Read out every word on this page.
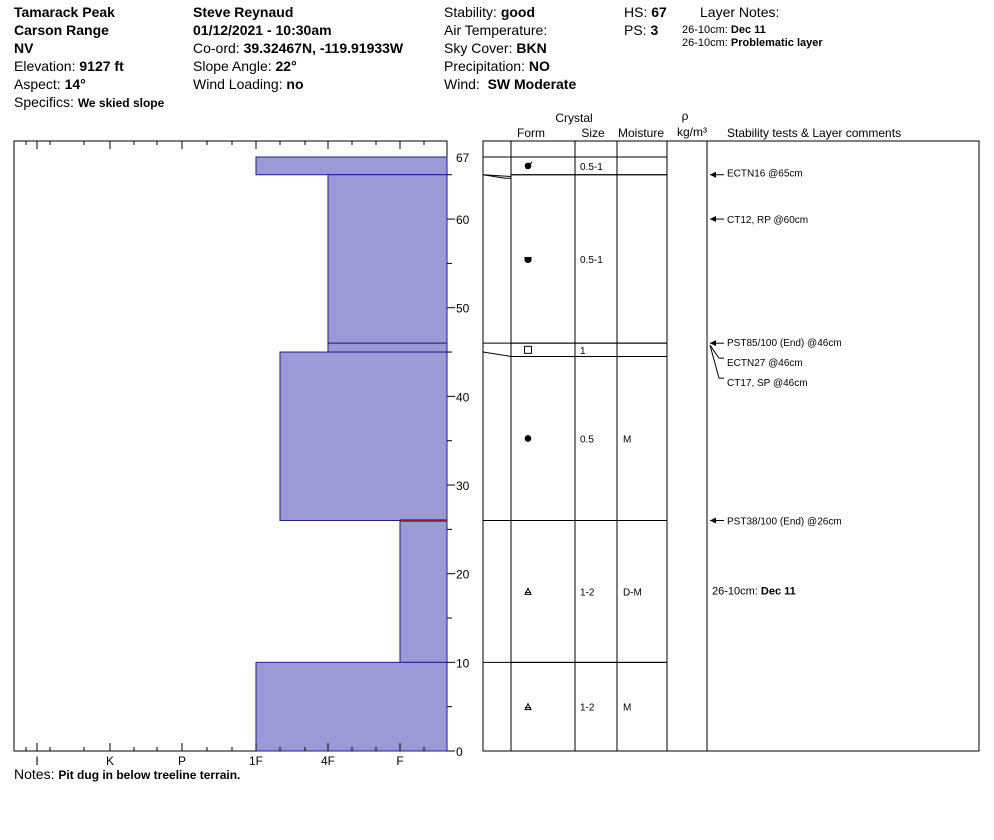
Tamarack Peak
Carson Range
NV
Elevation: 9127 ft
Aspect: 14°
Specifics: We skied slope
Steve Reynaud
01/12/2021 - 10:30am
Co-ord: 39.32467N, -119.91933W
Slope Angle: 22°
Wind Loading: no
Stability: good
Air Temperature:
Sky Cover: BKN
Precipitation: NO
Wind: SW Moderate
HS: 67
PS: 3
Layer Notes:
26-10cm: Dec 11
26-10cm: Problematic layer
Notes: Pit dug in below treeline terrain.
0
10
20
30
40
50
60
67
I	K	P	1F	4F	F
0.5-1
0.5-1
1
0.5	M
1-2	D-M
1-2	M
ECTN16 @65cm
CT12, RP @60cm
PST85/100 (End) @46cm
ECTN27 @46cm
CT17, SP @46cm
PST38/100 (End) @26cm
26-10cm: Dec 11
Crystal
Form	Size Moisture
ρ
kg/m³ Stability tests & Layer comments
